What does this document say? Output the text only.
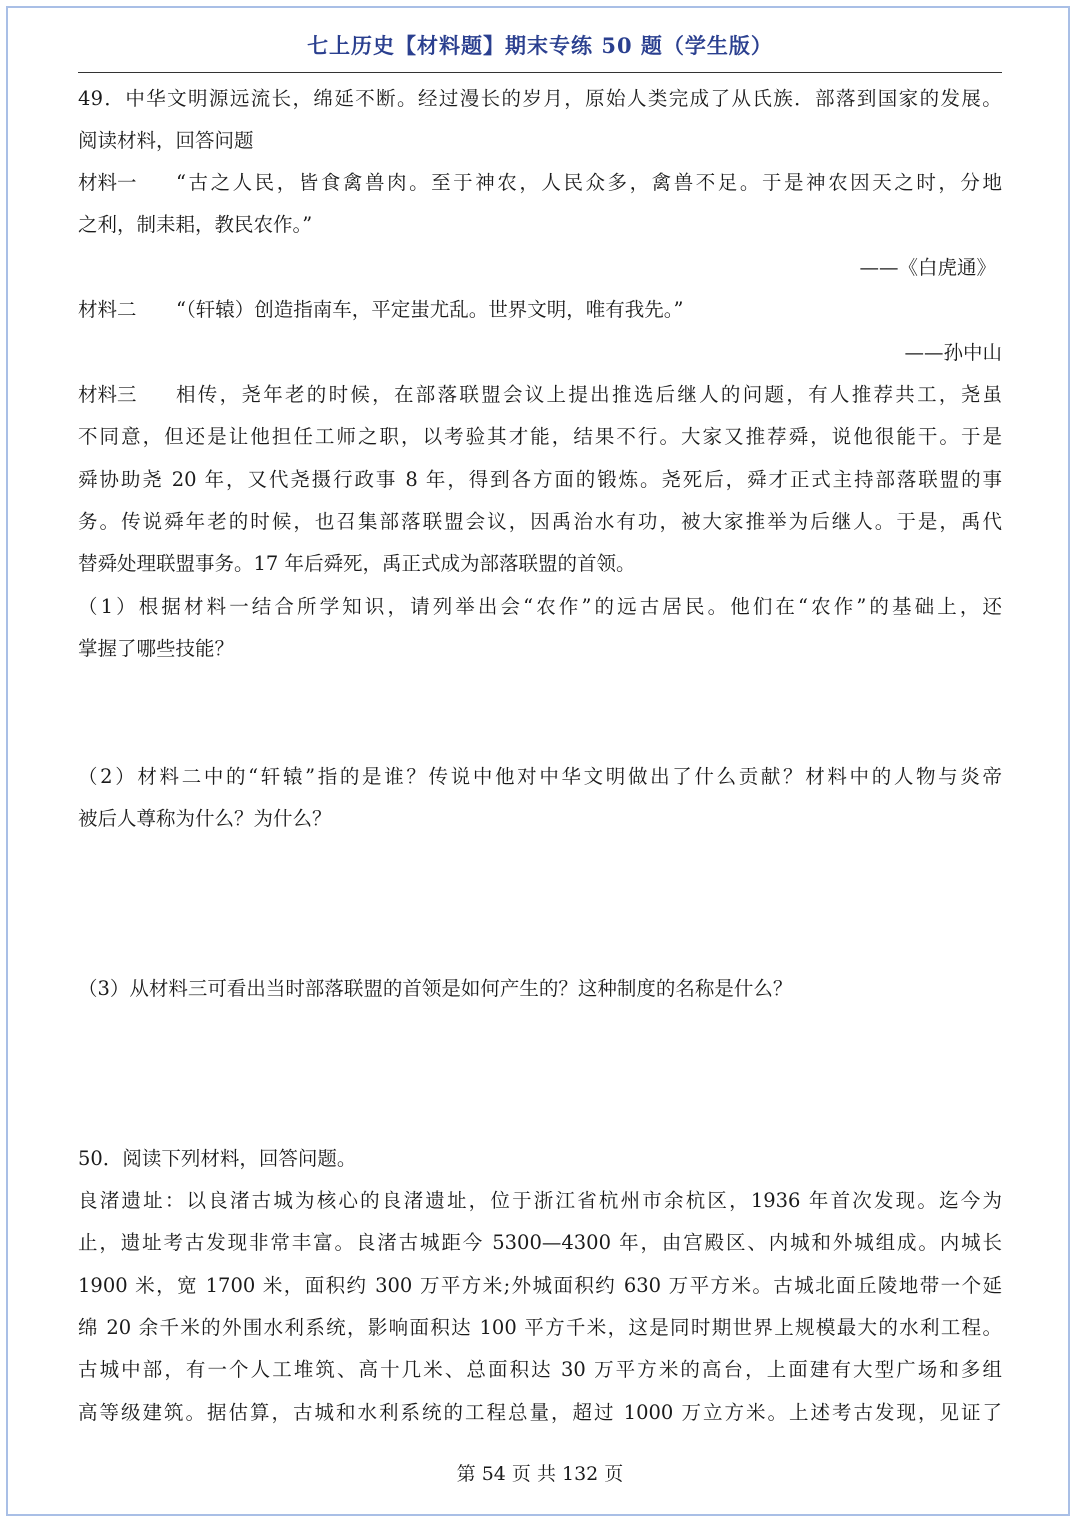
七上历史【材料题】期末专练 50 题（学生版）
49．中华文明源远流长，绵延不断。经过漫长的岁月，原始人类完成了从氏族．部落到国家的发展。
阅读材料，回答问题
材料一	“古之人民，皆食禽兽肉。至于神农，人民众多，禽兽不足。于是神农因天之时，分地
之利，制耒耜，教民农作。”
——《白虎通》
材料二 “（轩辕）创造指南车，平定蚩尤乱。世界文明，唯有我先。”
——孙中山
材料三	相传，尧年老的时候，在部落联盟会议上提出推选后继人的问题，有人推荐共工，尧虽
不同意，但还是让他担任工师之职，以考验其才能，结果不行。大家又推荐舜，说他很能干。于是
舜协助尧 20 年，又代尧摄行政事 8 年，得到各方面的锻炼。尧死后，舜才正式主持部落联盟的事
务。传说舜年老的时候，也召集部落联盟会议，因禹治水有功，被大家推举为后继人。于是，禹代
替舜处理联盟事务。17 年后舜死，禹正式成为部落联盟的首领。
（1）根据材料一结合所学知识，请列举出会“农作”的远古居民。他们在“农作”的基础上，还
掌握了哪些技能？
（2）材料二中的“轩辕”指的是谁？传说中他对中华文明做出了什么贡献？材料中的人物与炎帝
被后人尊称为什么？为什么？
（3）从材料三可看出当时部落联盟的首领是如何产生的？这种制度的名称是什么？
50．阅读下列材料，回答问题。
良渚遗址：以良渚古城为核心的良渚遗址，位于浙江省杭州市余杭区，1936 年首次发现。迄今为
止，遗址考古发现非常丰富。良渚古城距今 5300—4300 年，由宫殿区、内城和外城组成。内城长
1900 米，宽 1700 米，面积约 300 万平方米;外城面积约 630 万平方米。古城北面丘陵地带一个延
绵 20 余千米的外围水利系统，影响面积达 100 平方千米，这是同时期世界上规模最大的水利工程。
古城中部，有一个人工堆筑、高十几米、总面积达 30 万平方米的高台，上面建有大型广场和多组
高等级建筑。据估算，古城和水利系统的工程总量，超过 1000 万立方米。上述考古发现，见证了
第 54 页 共 132 页
